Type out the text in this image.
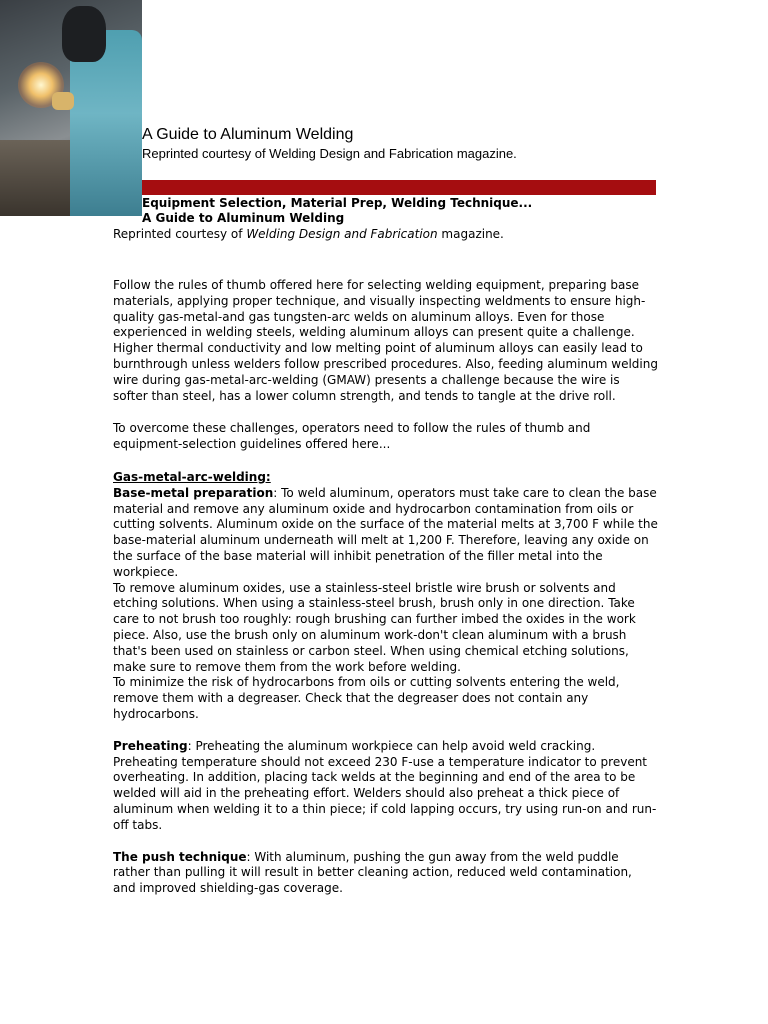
A Guide to Aluminum Welding
Reprinted courtesy of Welding Design and Fabrication magazine.
Equipment Selection, Material Prep, Welding Technique...
A Guide to Aluminum Welding
Reprinted courtesy of Welding Design and Fabrication magazine.

Follow the rules of thumb offered here for selecting welding equipment, preparing base materials, applying proper technique, and visually inspecting weldments to ensure high-quality gas-metal-and gas tungsten-arc welds on aluminum alloys. Even for those experienced in welding steels, welding aluminum alloys can present quite a challenge. Higher thermal conductivity and low melting point of aluminum alloys can easily lead to burnthrough unless welders follow prescribed procedures. Also, feeding aluminum welding wire during gas-metal-arc-welding (GMAW) presents a challenge because the wire is softer than steel, has a lower column strength, and tends to tangle at the drive roll.

To overcome these challenges, operators need to follow the rules of thumb and equipment-selection guidelines offered here...

Gas-metal-arc-welding:

Base-metal preparation: To weld aluminum, operators must take care to clean the base material and remove any aluminum oxide and hydrocarbon contamination from oils or cutting solvents. Aluminum oxide on the surface of the material melts at 3,700 F while the base-material aluminum underneath will melt at 1,200 F. Therefore, leaving any oxide on the surface of the base material will inhibit penetration of the filler metal into the workpiece.
To remove aluminum oxides, use a stainless-steel bristle wire brush or solvents and etching solutions. When using a stainless-steel brush, brush only in one direction. Take care to not brush too roughly: rough brushing can further imbed the oxides in the work piece. Also, use the brush only on aluminum work-don't clean aluminum with a brush that's been used on stainless or carbon steel. When using chemical etching solutions, make sure to remove them from the work before welding.
To minimize the risk of hydrocarbons from oils or cutting solvents entering the weld, remove them with a degreaser. Check that the degreaser does not contain any hydrocarbons.

Preheating: Preheating the aluminum workpiece can help avoid weld cracking. Preheating temperature should not exceed 230 F-use a temperature indicator to prevent overheating. In addition, placing tack welds at the beginning and end of the area to be welded will aid in the preheating effort. Welders should also preheat a thick piece of aluminum when welding it to a thin piece; if cold lapping occurs, try using run-on and run-off tabs.

The push technique: With aluminum, pushing the gun away from the weld puddle rather than pulling it will result in better cleaning action, reduced weld contamination, and improved shielding-gas coverage.
